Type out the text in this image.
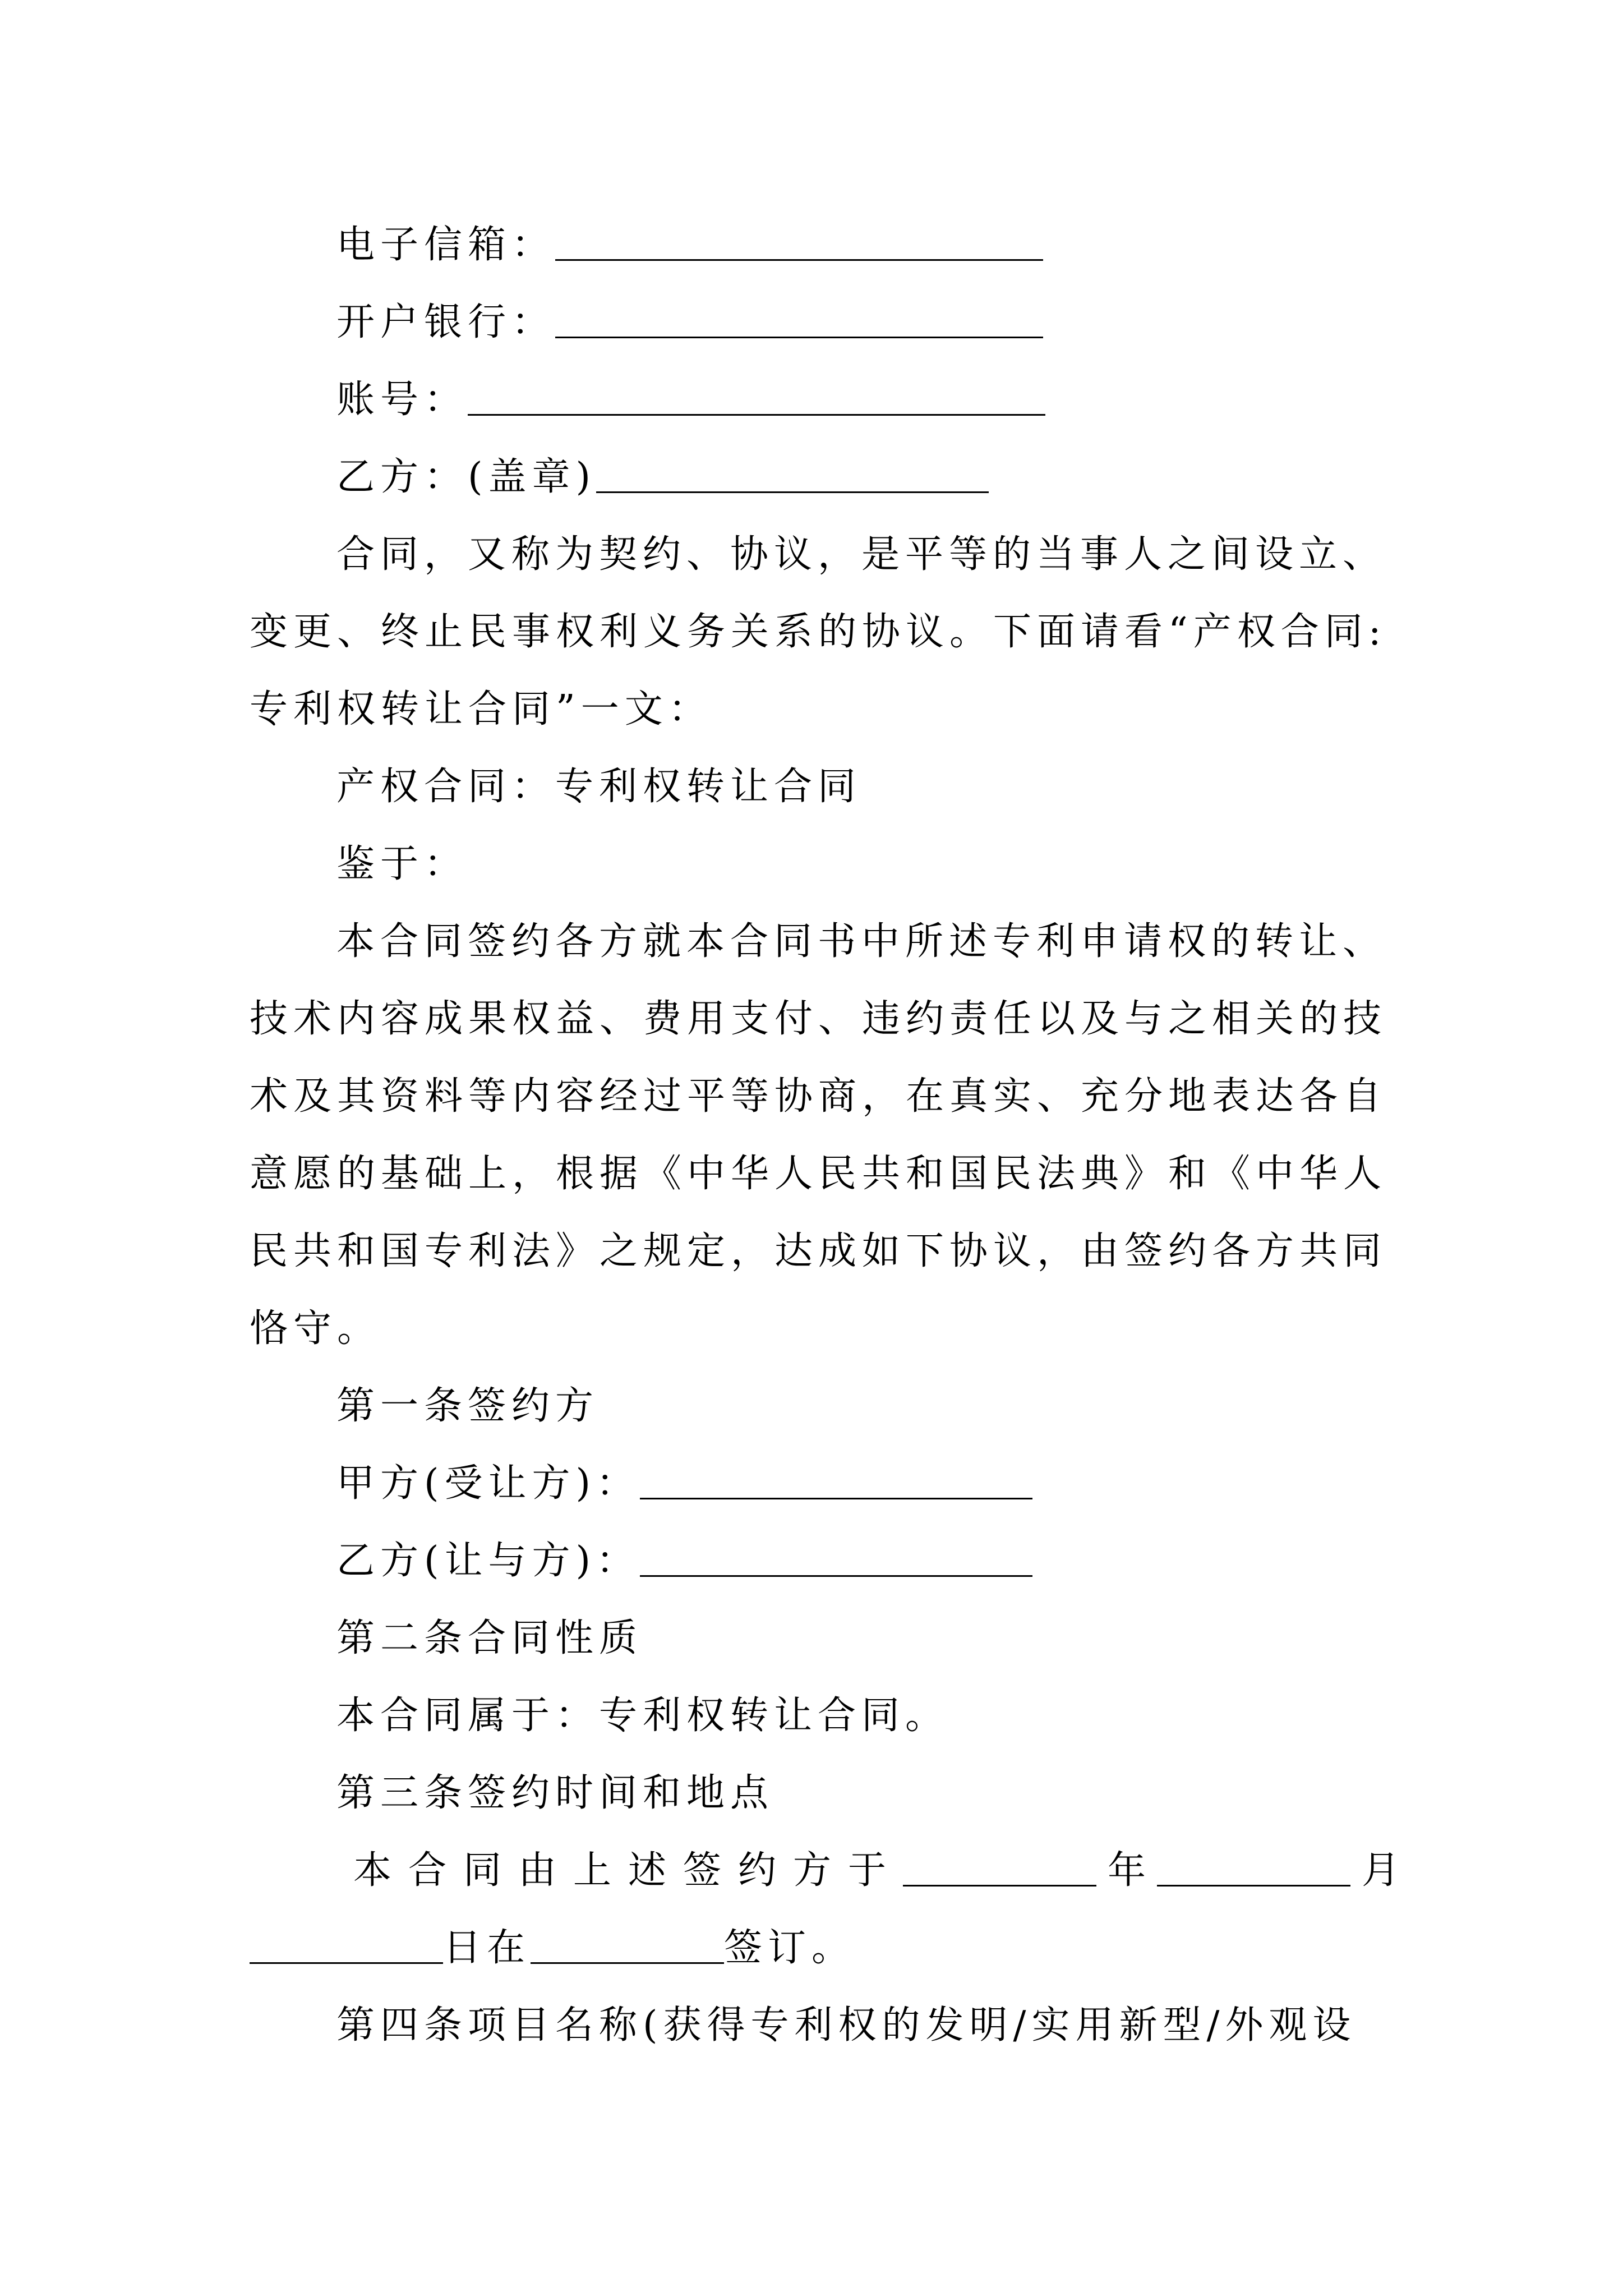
电子信箱：
开户银行：
账号：
乙方：(盖章)
合同，又称为契约、协议，是平等的当事人之间设立、
变更、终止民事权利义务关系的协议。下面请看“产权合同:
专利权转让合同”一文：
产权合同：专利权转让合同
鉴于：
本合同签约各方就本合同书中所述专利申请权的转让、
技术内容成果权益、费用支付、违约责任以及与之相关的技
术及其资料等内容经过平等协商，在真实、充分地表达各自
意愿的基础上，根据《中华人民共和国民法典》和《中华人
民共和国专利法》之规定，达成如下协议，由签约各方共同
恪守。
第一条签约方
甲方(受让方)：
乙方(让与方)：
第二条合同性质
本合同属于：专利权转让合同。
第三条签约时间和地点
本合同由上述签约方于	年	月
日在	签订。
第四条项目名称(获得专利权的发明/实用新型/外观设
